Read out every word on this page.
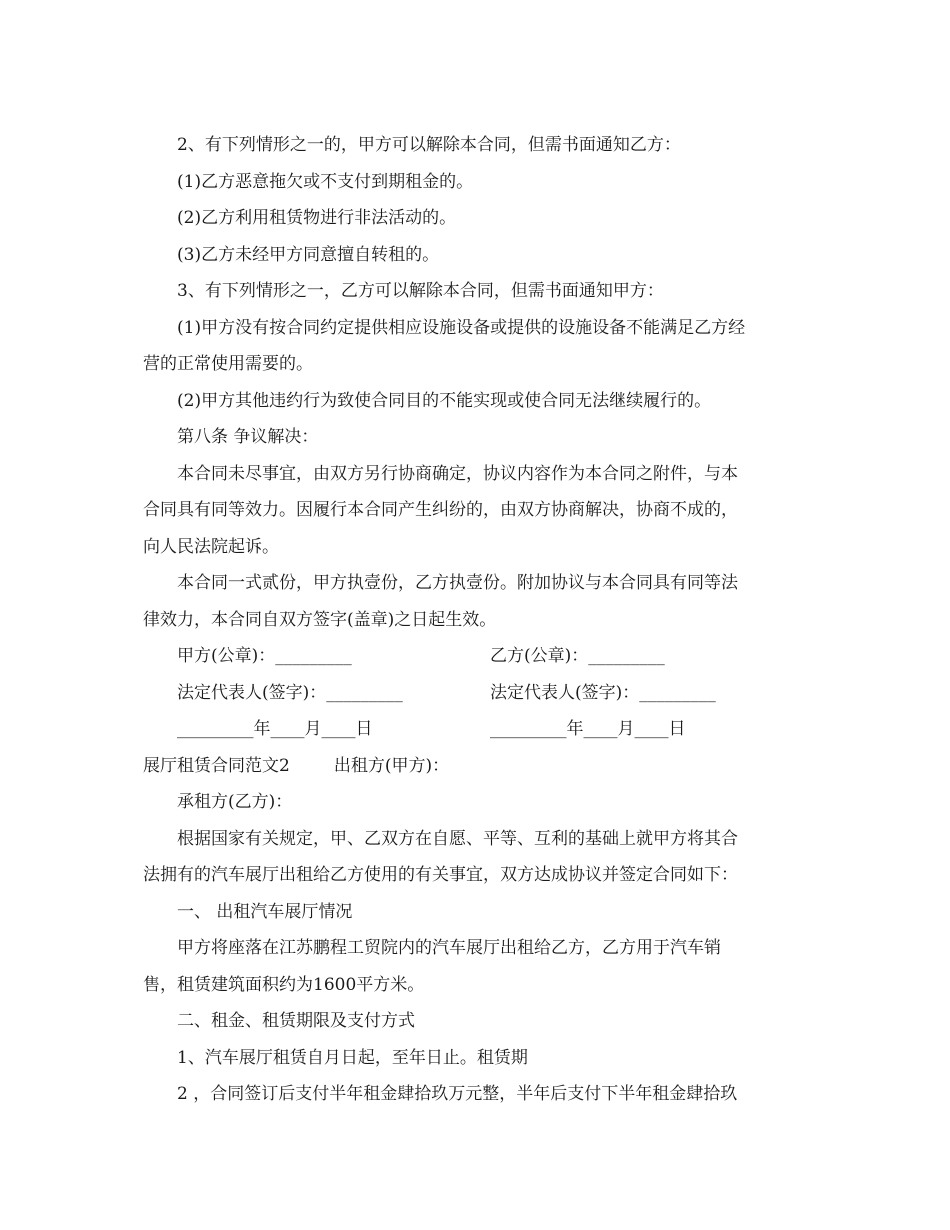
2、有下列情形之一的，甲方可以解除本合同，但需书面通知乙方：
(1)乙方恶意拖欠或不支付到期租金的。
(2)乙方利用租赁物进行非法活动的。
(3)乙方未经甲方同意擅自转租的。
3、有下列情形之一，乙方可以解除本合同，但需书面通知甲方：
(1)甲方没有按合同约定提供相应设施设备或提供的设施设备不能满足乙方经
营的正常使用需要的。
(2)甲方其他违约行为致使合同目的不能实现或使合同无法继续履行的。
第八条 争议解决：
本合同未尽事宜，由双方另行协商确定，协议内容作为本合同之附件，与本
合同具有同等效力。因履行本合同产生纠纷的，由双方协商解决，协商不成的，
向人民法院起诉。
本合同一式贰份，甲方执壹份，乙方执壹份。附加协议与本合同具有同等法
律效力，本合同自双方签字(盖章)之日起生效。
甲方(公章)：_________	乙方(公章)：_________
法定代表人(签字)：_________	法定代表人(签字)：_________
_________年____月____日	_________年____月____日
展厅租赁合同范文2	出租方(甲方)：
承租方(乙方)：
根据国家有关规定，甲、乙双方在自愿、平等、互利的基础上就甲方将其合
法拥有的汽车展厅出租给乙方使用的有关事宜，双方达成协议并签定合同如下：
一、 出租汽车展厅情况
甲方将座落在江苏鹏程工贸院内的汽车展厅出租给乙方，乙方用于汽车销
售，租赁建筑面积约为1600平方米。
二、租金、租赁期限及支付方式
1、汽车展厅租赁自月日起，至年日止。租赁期
2 ，合同签订后支付半年租金肆拾玖万元整，半年后支付下半年租金肆拾玖
